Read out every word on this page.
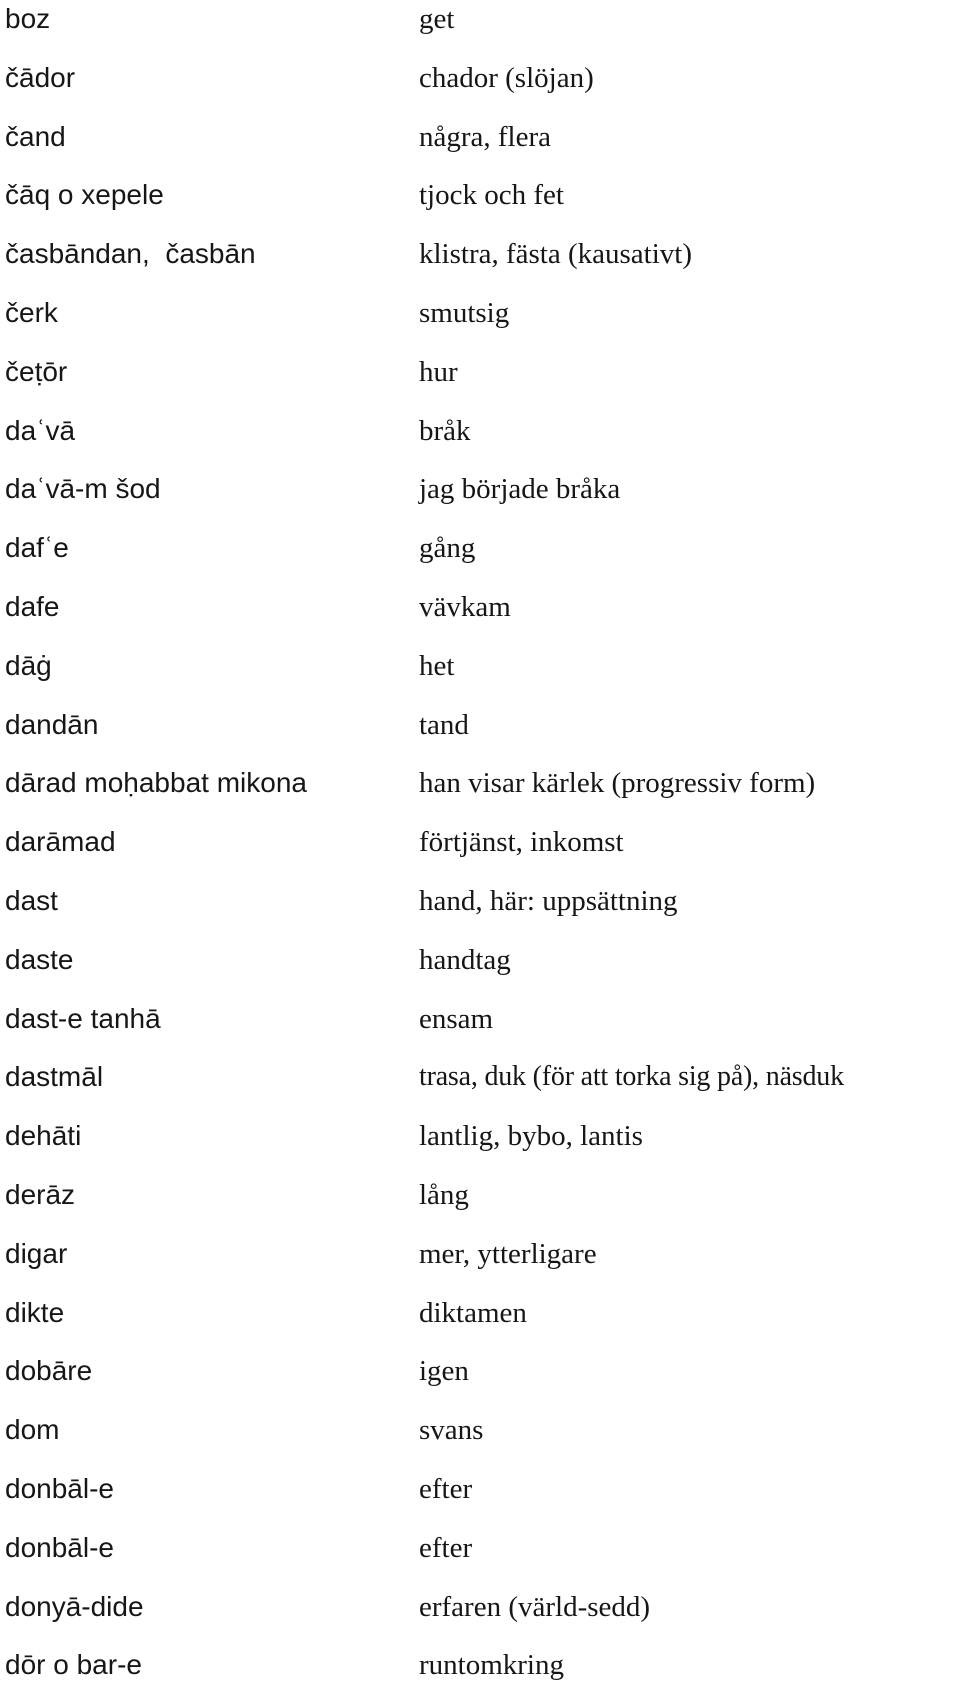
boz	get
čādor	chador (slöjan)
čand	några, flera
čāq o xepele	tjock och fet
časbāndan,  časbān	klistra, fästa (kausativt)
čerk	smutsig
čeṭōr	hur
daʿvā	bråk
daʿvā-m šod	jag började bråka
dafʿe	gång
dafe	vävkam
dāġ	het
dandān	tand
dārad moḥabbat mikona	han visar kärlek (progressiv form)
darāmad	förtjänst, inkomst
dast	hand, här: uppsättning
daste	handtag
dast-e tanhā	ensam
dastmāl	trasa, duk (för att torka sig på), näsduk
dehāti	lantlig, bybo, lantis
derāz	lång
digar	mer, ytterligare
dikte	diktamen
dobāre	igen
dom	svans
donbāl-e	efter
donbāl-e	efter
donyā-dide	erfaren (värld-sedd)
dōr o bar-e	runtomkring
